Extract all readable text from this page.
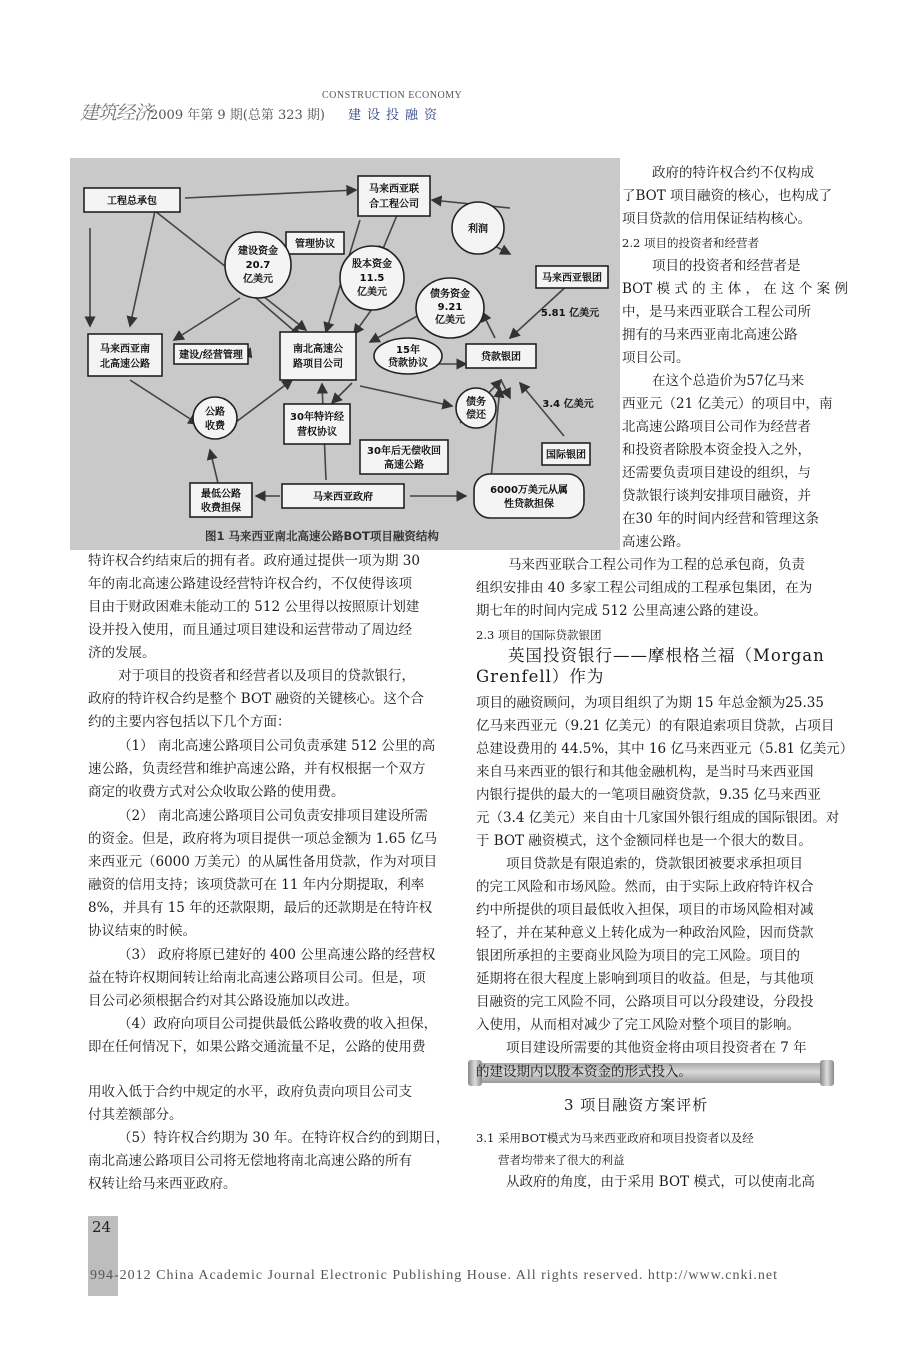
CONSTRUCTION ECONOMY
建筑经济
2009 年第 9 期(总第 323 期) 建设投融资
工程总承包
马来西亚联
合工程公司
管理协议
建设资金
20.7
亿美元
股本资金
11.5
亿美元
利润
马来西亚银团
债务资金
9.21
亿美元
5.81 亿美元
马来西亚南
北高速公路
建设/经营管理
南北高速公
路项目公司
15年
贷款协议
贷款银团
公路
收费
30年特许经
营权协议
债务
偿还
3.4 亿美元
30年后无偿收回
高速公路
国际银团
最低公路
收费担保
马来西亚政府
6000万美元从属
性贷款担保
图1 马来西亚南北高速公路BOT项目融资结构
政府的特许权合约不仅构成
了BOT 项目融资的核心，也构成了
项目贷款的信用保证结构核心。
2.2 项目的投资者和经营者
项目的投资者和经营者是
BOT 模 式 的 主 体 ， 在 这 个 案 例
中，是马来西亚联合工程公司所
拥有的马来西亚南北高速公路
项目公司。
在这个总造价为57亿马来
西亚元（21 亿美元）的项目中，南
北高速公路项目公司作为经营者
和投资者除股本资金投入之外，
还需要负责项目建设的组织，与
贷款银行谈判安排项目融资，并
在30 年的时间内经营和管理这条
高速公路。
马来西亚联合工程公司作为工程的总承包商，负责
组织安排由 40 多家工程公司组成的工程承包集团，在为
期七年的时间内完成 512 公里高速公路的建设。
2.3 项目的国际贷款银团
英国投资银行——摩根格兰福（Morgan
Grenfell）作为
项目的融资顾问，为项目组织了为期 15 年总金额为25.35
亿马来西亚元（9.21 亿美元）的有限追索项目贷款，占项目
总建设费用的 44.5%，其中 16 亿马来西亚元（5.81 亿美元）
来自马来西亚的银行和其他金融机构，是当时马来西亚国
内银行提供的最大的一笔项目融资贷款，9.35 亿马来西亚
元（3.4 亿美元）来自由十几家国外银行组成的国际银团。对
于 BOT 融资模式，这个金额同样也是一个很大的数目。
项目贷款是有限追索的，贷款银团被要求承担项目
的完工风险和市场风险。然而，由于实际上政府特许权合
约中所提供的项目最低收入担保，项目的市场风险相对减
轻了，并在某种意义上转化成为一种政治风险，因而贷款
银团所承担的主要商业风险为项目的完工风险。项目的
延期将在很大程度上影响到项目的收益。但是，与其他项
目融资的完工风险不同，公路项目可以分段建设，分段投
入使用，从而相对减少了完工风险对整个项目的影响。
项目建设所需要的其他资金将由项目投资者在 7 年
的建设期内以股本资金的形式投入。
3 项目融资方案评析
3.1 采用BOT模式为马来西亚政府和项目投资者以及经
营者均带来了很大的利益
从政府的角度，由于采用 BOT 模式，可以使南北高
特许权合约结束后的拥有者。政府通过提供一项为期 30
年的南北高速公路建设经营特许权合约，不仅使得该项
目由于财政困难未能动工的 512 公里得以按照原计划建
设并投入使用，而且通过项目建设和运营带动了周边经
济的发展。
对于项目的投资者和经营者以及项目的贷款银行，
政府的特许权合约是整个 BOT 融资的关键核心。这个合
约的主要内容包括以下几个方面：
（1） 南北高速公路项目公司负责承建 512 公里的高
速公路，负责经营和维护高速公路，并有权根据一个双方
商定的收费方式对公众收取公路的使用费。
（2） 南北高速公路项目公司负责安排项目建设所需
的资金。但是，政府将为项目提供一项总金额为 1.65 亿马
来西亚元（6000 万美元）的从属性备用贷款，作为对项目
融资的信用支持；该项贷款可在 11 年内分期提取，利率
8%，并具有 15 年的还款限期，最后的还款期是在特许权
协议结束的时候。
（3） 政府将原已建好的 400 公里高速公路的经营权
益在特许权期间转让给南北高速公路项目公司。但是，项
目公司必须根据合约对其公路设施加以改进。
（4）政府向项目公司提供最低公路收费的收入担保，
即在任何情况下，如果公路交通流量不足，公路的使用费
用收入低于合约中规定的水平，政府负责向项目公司支
付其差额部分。
（5）特许权合约期为 30 年。在特许权合约的到期日，
南北高速公路项目公司将无偿地将南北高速公路的所有
权转让给马来西亚政府。
24
994-2012 China Academic Journal Electronic Publishing House. All rights reserved. http://www.cnki.net
